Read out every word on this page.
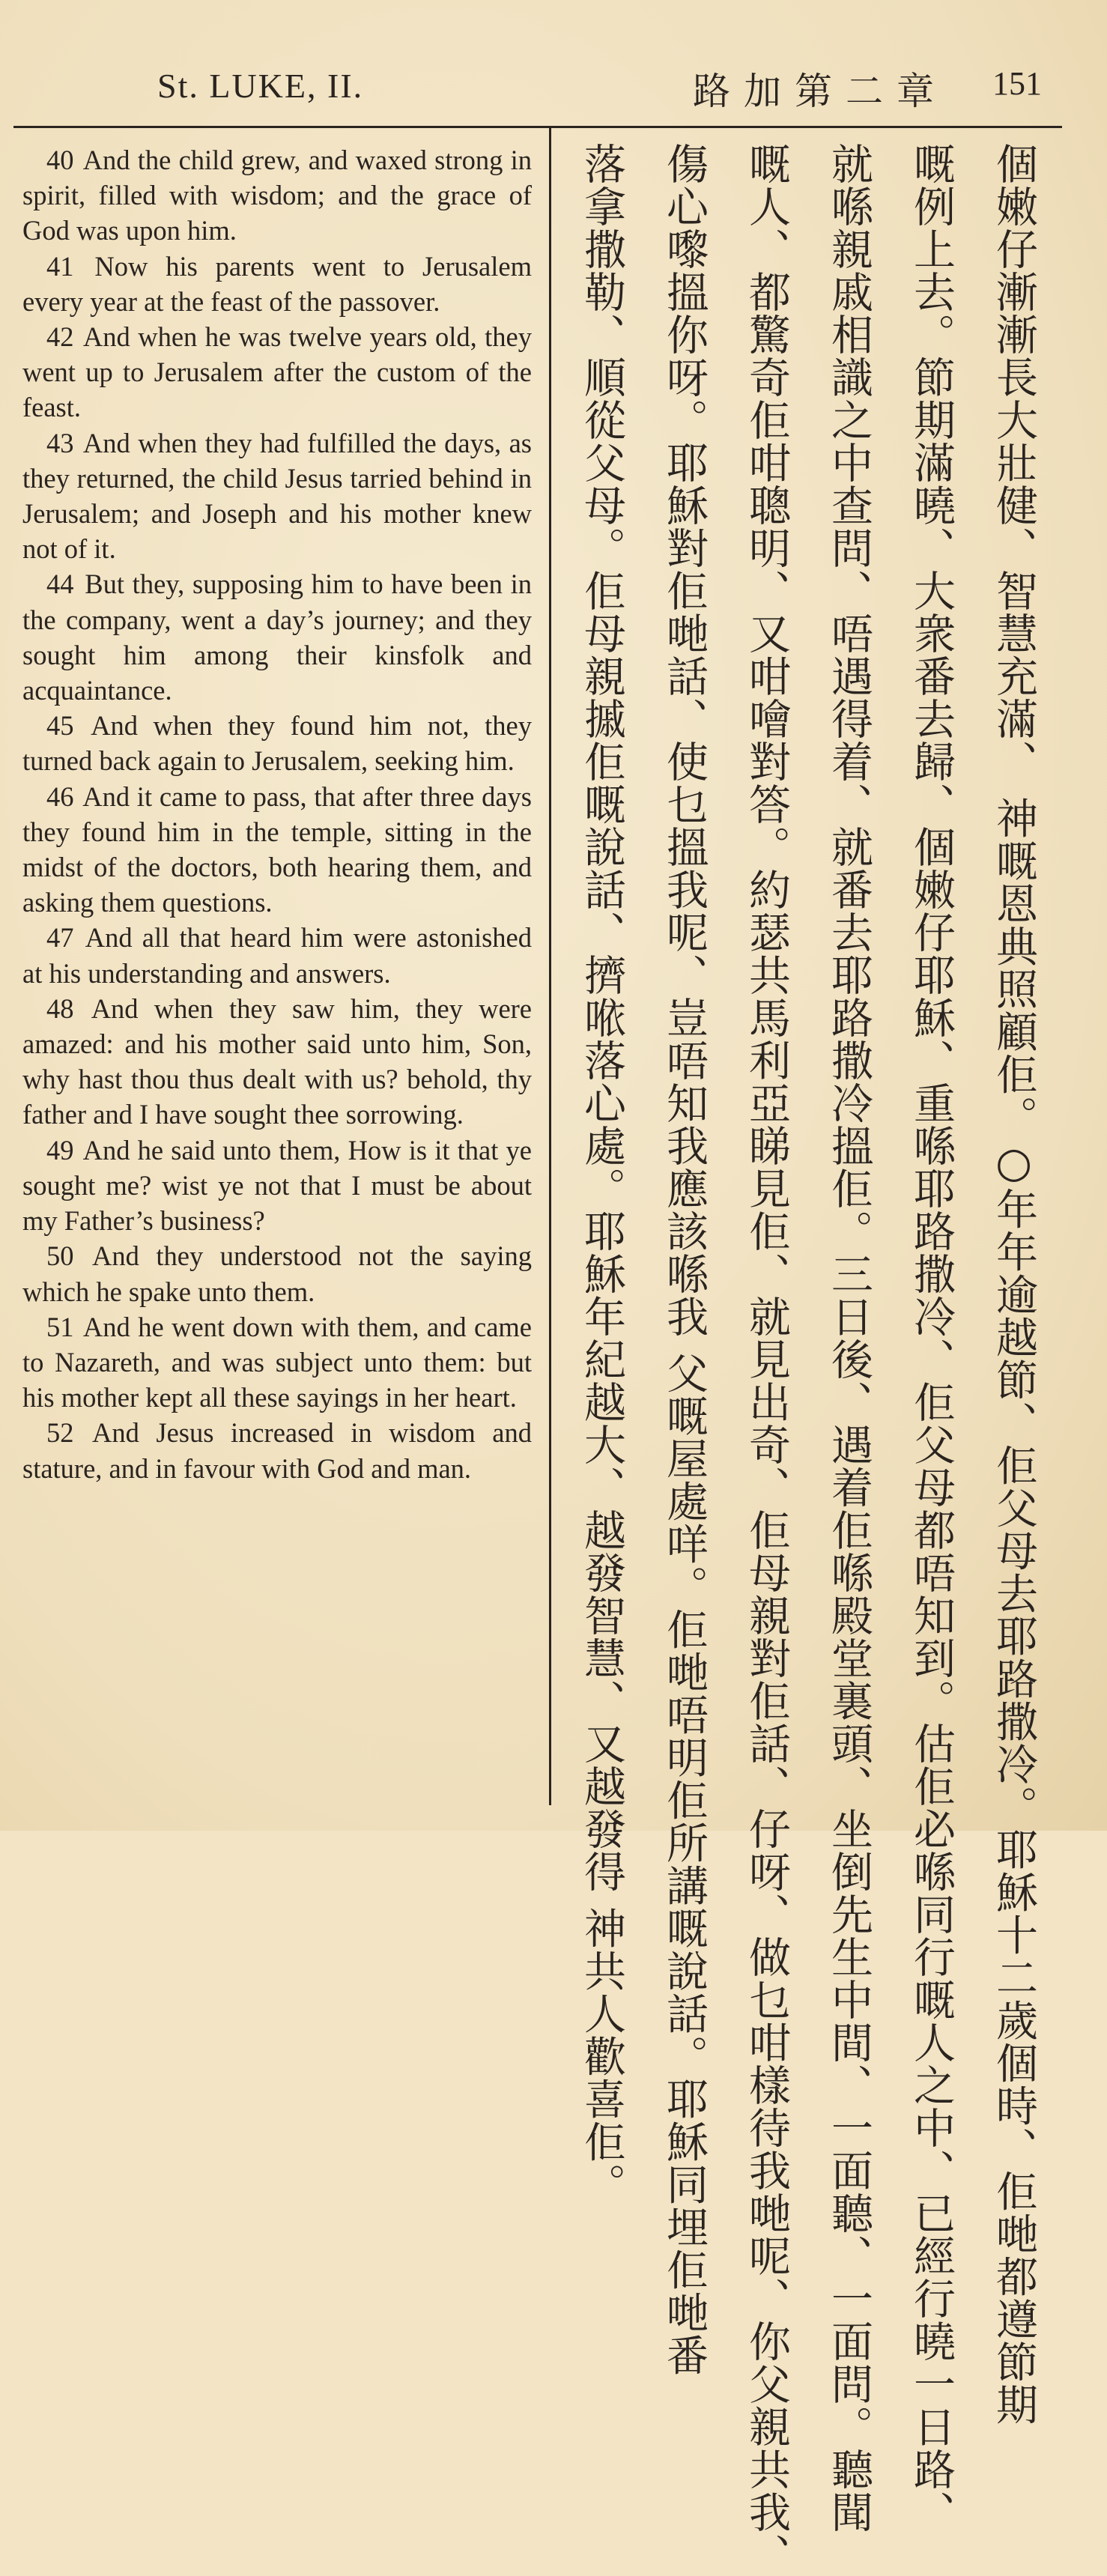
St. LUKE, II.	路加第二章 151

40 And the child grew, and waxed strong in spirit, filled with wisdom; and the grace of God was upon him.

41 Now his parents went to Jerusalem every year at the feast of the passover.

42 And when he was twelve years old, they went up to Jerusalem after the custom of the feast.

43 And when they had fulfilled the days, as they returned, the child Jesus tarried behind in Jerusalem; and Joseph and his mother knew not of it.

44 But they, supposing him to have been in the company, went a day’s journey; and they sought him among their kinsfolk and acquaintance.

45 And when they found him not, they turned back again to Jerusalem, seeking him.

46 And it came to pass, that after three days they found him in the temple, sitting in the midst of the doctors, both hearing them, and asking them questions.

47 And all that heard him were astonished at his understanding and answers.

48 And when they saw him, they were amazed: and his mother said unto him, Son, why hast thou thus dealt with us? behold, thy father and I have sought thee sorrowing.

49 And he said unto them, How is it that ye sought me? wist ye not that I must be about my Father’s business?

50 And they understood not the saying which he spake unto them.

51 And he went down with them, and came to Nazareth, and was subject unto them: but his mother kept all these sayings in her heart.

52 And Jesus increased in wisdom and stature, and in favour with God and man.	個嫩仔漸漸長大壯健、智慧充滿、 神嘅恩典照顧佢。○年年逾越節、佢父母去耶路撒冷。耶穌十二歲個時、佢哋都遵節期
嘅例上去。節期滿曉、大衆番去歸、個嫩仔耶穌、重喺耶路撒冷、佢父母都唔知到。估佢必喺同行嘅人之中、已經行曉一日路、
就喺親戚相識之中查問、唔遇得着、就番去耶路撒冷搵佢。三日後、遇着佢喺殿堂裏頭、坐倒先生中間、一面聽、一面問。聽聞
嘅人、都驚奇佢咁聰明、又咁噲對答。約瑟共馬利亞睇見佢、就見出奇、佢母親對佢話、仔呀、做乜咁樣待我哋呢、你父親共我、
傷心嚟搵你呀。耶穌對佢哋話、使乜搵我呢、豈唔知我應該喺我 父嘅屋處咩。佢哋唔明佢所講嘅說話。耶穌同埋佢哋番
落拿撒勒、順從父母。佢母親摵佢嘅說話、擠𠵱落心處。耶穌年紀越大、越發智慧、又越發得 神共人歡喜佢。
